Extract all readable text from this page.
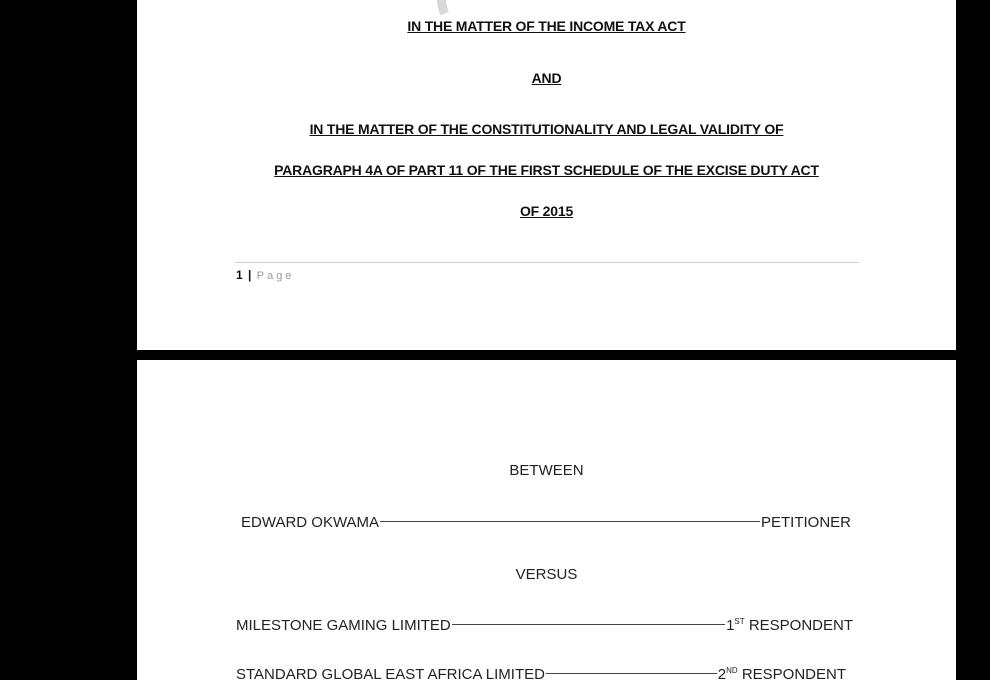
IN THE MATTER OF THE INCOME TAX ACT
AND
IN THE MATTER OF THE CONSTITUTIONALITY AND LEGAL VALIDITY OF
PARAGRAPH 4A OF PART 11 OF THE FIRST SCHEDULE OF THE EXCISE DUTY ACT
OF 2015
1 | Page
BETWEEN
EDWARD OKWAMA	PETITIONER
VERSUS
MILESTONE GAMING LIMITED	1ST RESPONDENT
STANDARD GLOBAL EAST AFRICA LIMITED	2ND RESPONDENT
